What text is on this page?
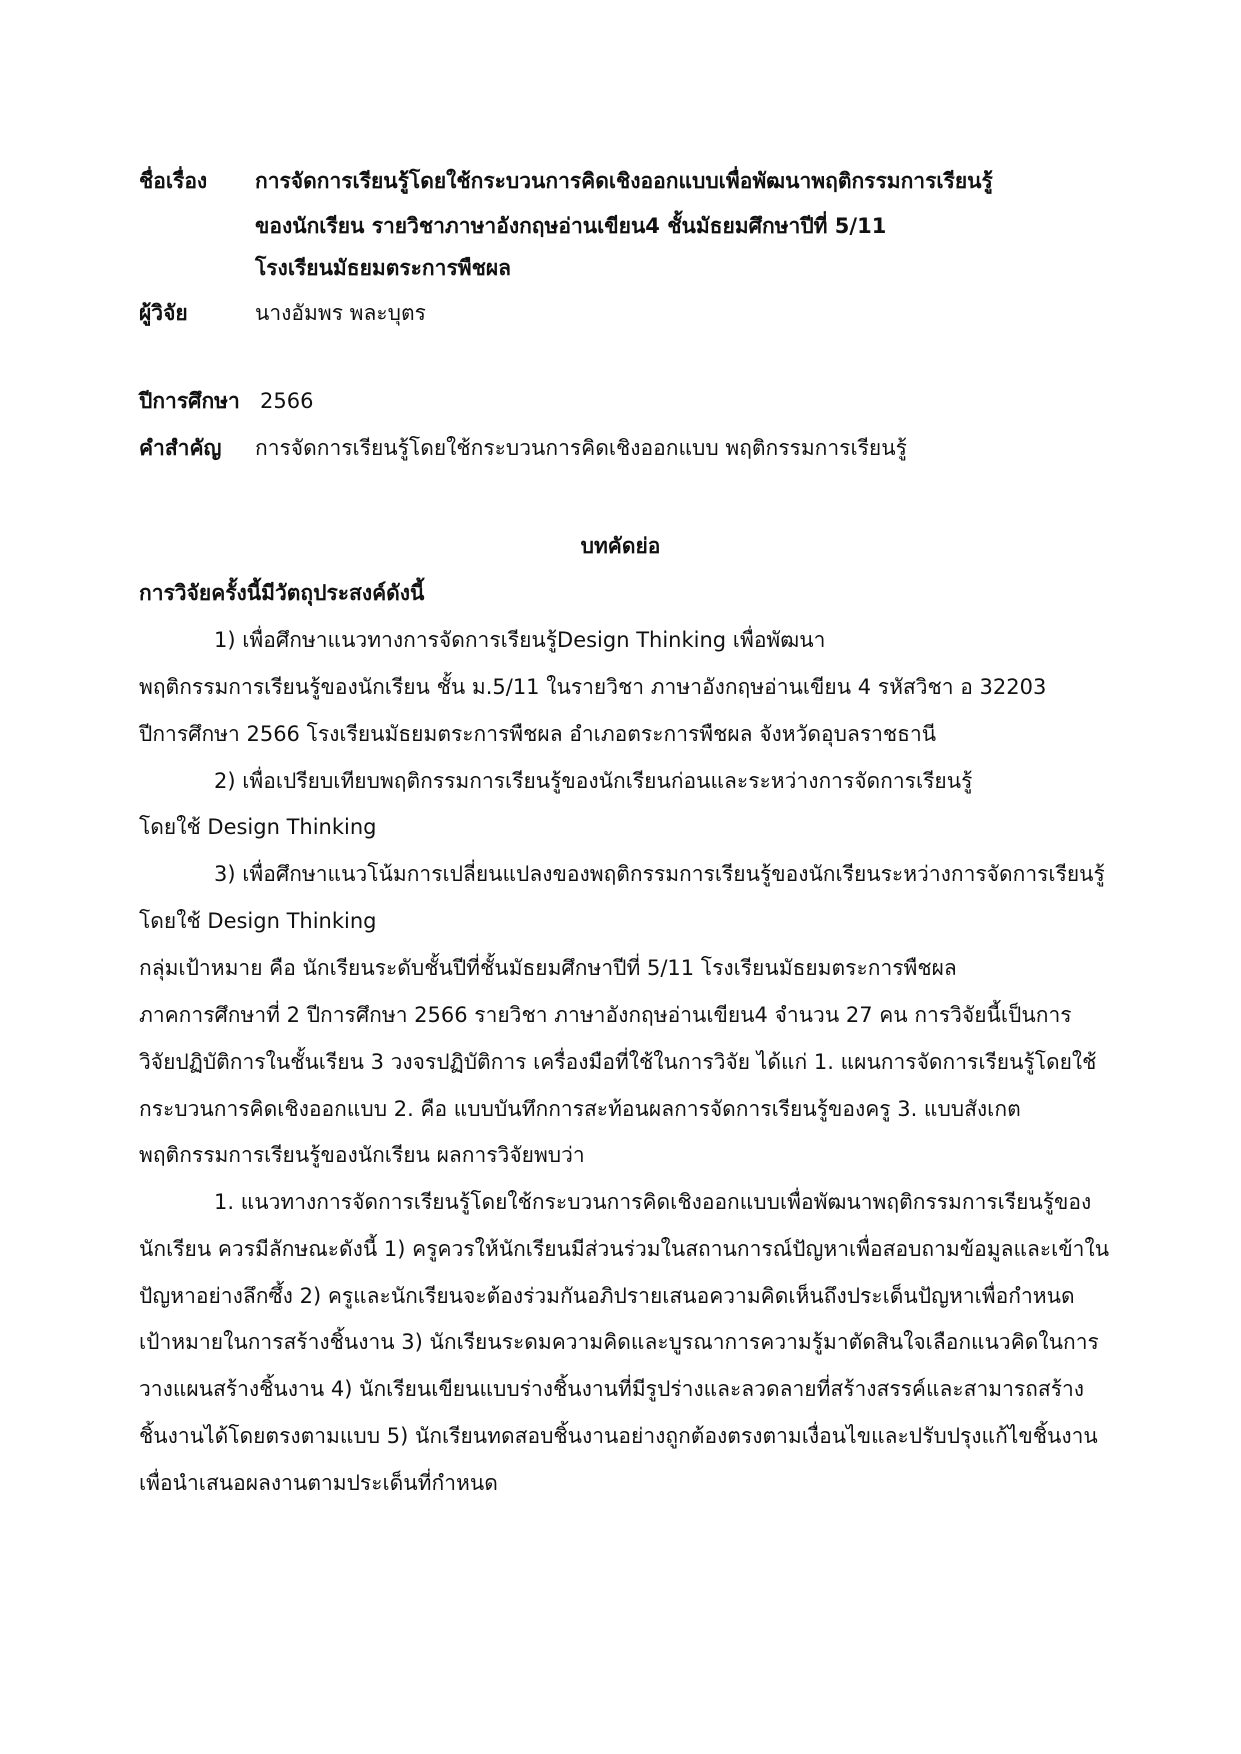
ชื่อเรื่อง การจัดการเรียนรู้โดยใช้กระบวนการคิดเชิงออกแบบเพื่อพัฒนาพฤติกรรมการเรียนรู้
ของนักเรียน รายวิชาภาษาอังกฤษอ่านเขียน4 ชั้นมัธยมศึกษาปีที่ 5/11
โรงเรียนมัธยมตระการพืชผล
ผู้วิจัย	นางอัมพร พละบุตร
ปีการศึกษา 2566
คำสำคัญ การจัดการเรียนรู้โดยใช้กระบวนการคิดเชิงออกแบบ พฤติกรรมการเรียนรู้
บทคัดย่อ
การวิจัยครั้งนี้มีวัตถุประสงค์ดังนี้
1) เพื่อศึกษาแนวทางการจัดการเรียนรู้Design Thinking เพื่อพัฒนา
พฤติกรรมการเรียนรู้ของนักเรียน ชั้น ม.5/11 ในรายวิชา ภาษาอังกฤษอ่านเขียน 4 รหัสวิชา อ 32203
ปีการศึกษา 2566 โรงเรียนมัธยมตระการพืชผล อำเภอตระการพืชผล จังหวัดอุบลราชธานี
2) เพื่อเปรียบเทียบพฤติกรรมการเรียนรู้ของนักเรียนก่อนและระหว่างการจัดการเรียนรู้
โดยใช้ Design Thinking
3) เพื่อศึกษาแนวโน้มการเปลี่ยนแปลงของพฤติกรรมการเรียนรู้ของนักเรียนระหว่างการจัดการเรียนรู้
โดยใช้ Design Thinking
กลุ่มเป้าหมาย คือ นักเรียนระดับชั้นปีที่ชั้นมัธยมศึกษาปีที่ 5/11 โรงเรียนมัธยมตระการพืชผล
ภาคการศึกษาที่ 2 ปีการศึกษา 2566 รายวิชา ภาษาอังกฤษอ่านเขียน4 จำนวน 27 คน การวิจัยนี้เป็นการ
วิจัยปฏิบัติการในชั้นเรียน 3 วงจรปฏิบัติการ เครื่องมือที่ใช้ในการวิจัย ได้แก่ 1. แผนการจัดการเรียนรู้โดยใช้
กระบวนการคิดเชิงออกแบบ 2. คือ แบบบันทึกการสะท้อนผลการจัดการเรียนรู้ของครู 3. แบบสังเกต
พฤติกรรมการเรียนรู้ของนักเรียน ผลการวิจัยพบว่า
1. แนวทางการจัดการเรียนรู้โดยใช้กระบวนการคิดเชิงออกแบบเพื่อพัฒนาพฤติกรรมการเรียนรู้ของ
นักเรียน ควรมีลักษณะดังนี้ 1) ครูควรให้นักเรียนมีส่วนร่วมในสถานการณ์ปัญหาเพื่อสอบถามข้อมูลและเข้าใน
ปัญหาอย่างลึกซึ้ง 2) ครูและนักเรียนจะต้องร่วมกันอภิปรายเสนอความคิดเห็นถึงประเด็นปัญหาเพื่อกำหนด
เป้าหมายในการสร้างชิ้นงาน 3) นักเรียนระดมความคิดและบูรณาการความรู้มาตัดสินใจเลือกแนวคิดในการ
วางแผนสร้างชิ้นงาน 4) นักเรียนเขียนแบบร่างชิ้นงานที่มีรูปร่างและลวดลายที่สร้างสรรค์และสามารถสร้าง
ชิ้นงานได้โดยตรงตามแบบ 5) นักเรียนทดสอบชิ้นงานอย่างถูกต้องตรงตามเงื่อนไขและปรับปรุงแก้ไขชิ้นงาน
เพื่อนำเสนอผลงานตามประเด็นที่กำหนด
